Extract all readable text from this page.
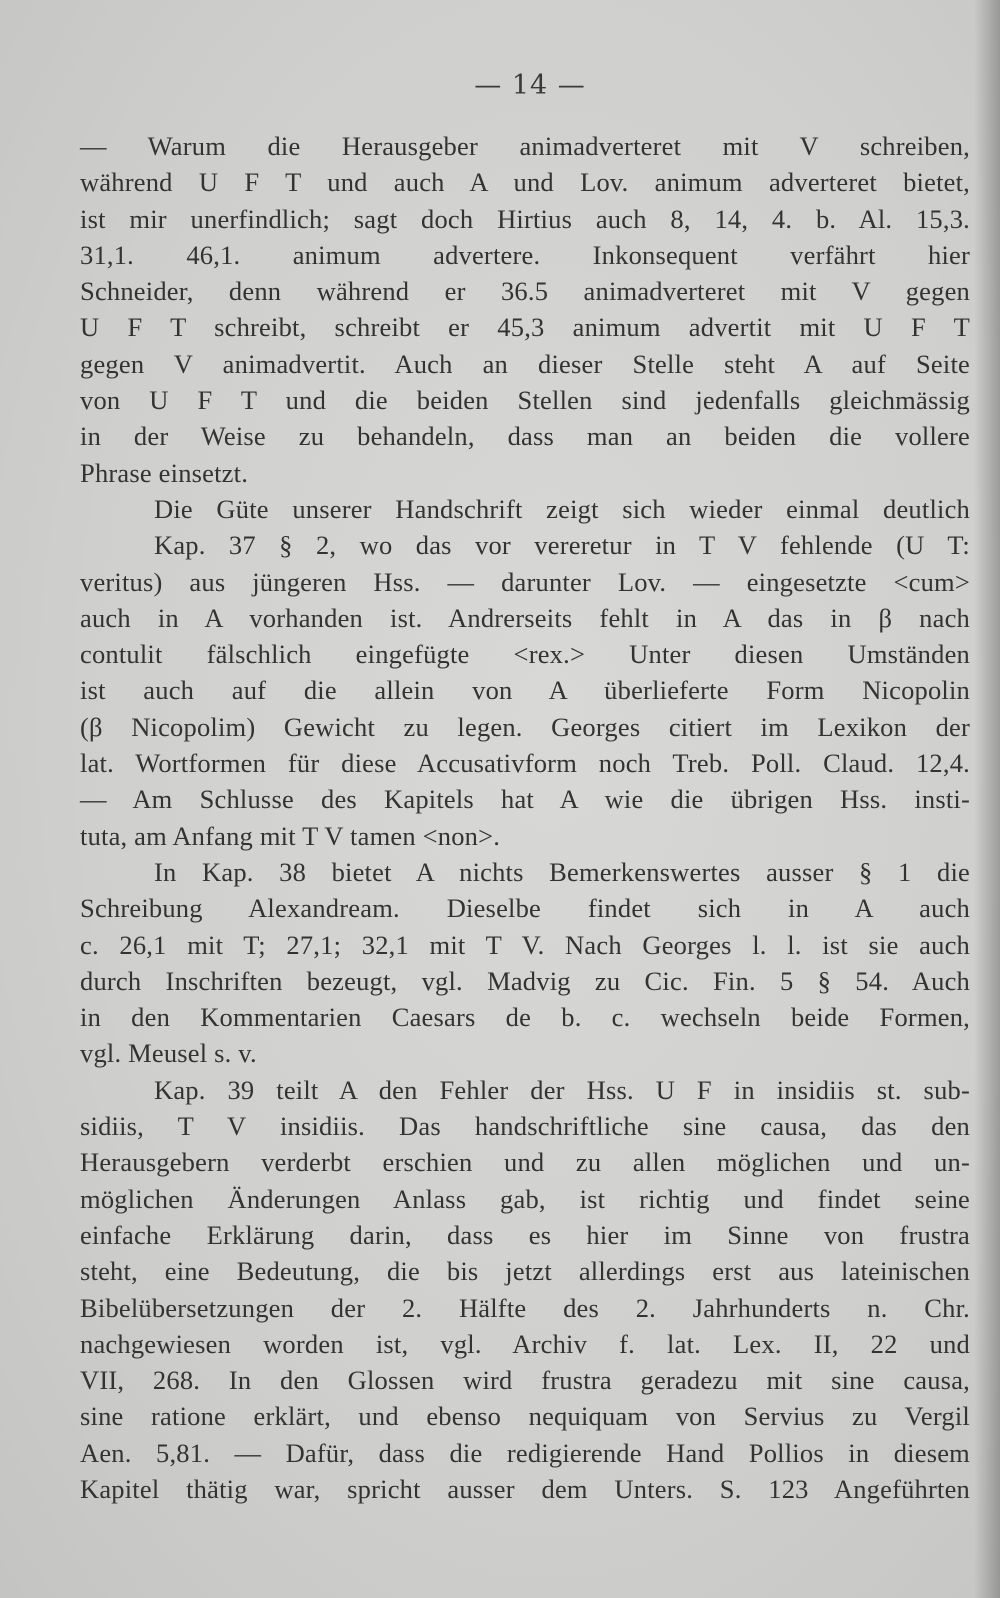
— 14 —
— Warum die Herausgeber animadverteret mit V schreiben,
während U F T und auch A und Lov. animum adverteret bietet,
ist mir unerfindlich; sagt doch Hirtius auch 8, 14, 4. b. Al. 15,3.
31,1. 46,1. animum advertere. Inkonsequent verfährt hier
Schneider, denn während er 36.5 animadverteret mit V gegen
U F T schreibt, schreibt er 45,3 animum advertit mit U F T
gegen V animadvertit. Auch an dieser Stelle steht A auf Seite
von U F T und die beiden Stellen sind jedenfalls gleichmässig
in der Weise zu behandeln, dass man an beiden die vollere
Phrase einsetzt.
Die Güte unserer Handschrift zeigt sich wieder einmal deutlich
Kap. 37 § 2, wo das vor vereretur in T V fehlende (U T:
veritus) aus jüngeren Hss. — darunter Lov. — eingesetzte <cum>
auch in A vorhanden ist. Andrerseits fehlt in A das in β nach
contulit fälschlich eingefügte <rex.> Unter diesen Umständen
ist auch auf die allein von A überlieferte Form Nicopolin
(β Nicopolim) Gewicht zu legen. Georges citiert im Lexikon der
lat. Wortformen für diese Accusativform noch Treb. Poll. Claud. 12,4.
— Am Schlusse des Kapitels hat A wie die übrigen Hss. insti-
tuta, am Anfang mit T V tamen <non>.
In Kap. 38 bietet A nichts Bemerkenswertes ausser § 1 die
Schreibung Alexandream. Dieselbe findet sich in A auch
c. 26,1 mit T; 27,1; 32,1 mit T V. Nach Georges l. l. ist sie auch
durch Inschriften bezeugt, vgl. Madvig zu Cic. Fin. 5 § 54. Auch
in den Kommentarien Caesars de b. c. wechseln beide Formen,
vgl. Meusel s. v.
Kap. 39 teilt A den Fehler der Hss. U F in insidiis st. sub-
sidiis, T V insidiis. Das handschriftliche sine causa, das den
Herausgebern verderbt erschien und zu allen möglichen und un-
möglichen Änderungen Anlass gab, ist richtig und findet seine
einfache Erklärung darin, dass es hier im Sinne von frustra
steht, eine Bedeutung, die bis jetzt allerdings erst aus lateinischen
Bibelübersetzungen der 2. Hälfte des 2. Jahrhunderts n. Chr.
nachgewiesen worden ist, vgl. Archiv f. lat. Lex. II, 22 und
VII, 268. In den Glossen wird frustra geradezu mit sine causa,
sine ratione erklärt, und ebenso nequiquam von Servius zu Vergil
Aen. 5,81. — Dafür, dass die redigierende Hand Pollios in diesem
Kapitel thätig war, spricht ausser dem Unters. S. 123 Angeführten
